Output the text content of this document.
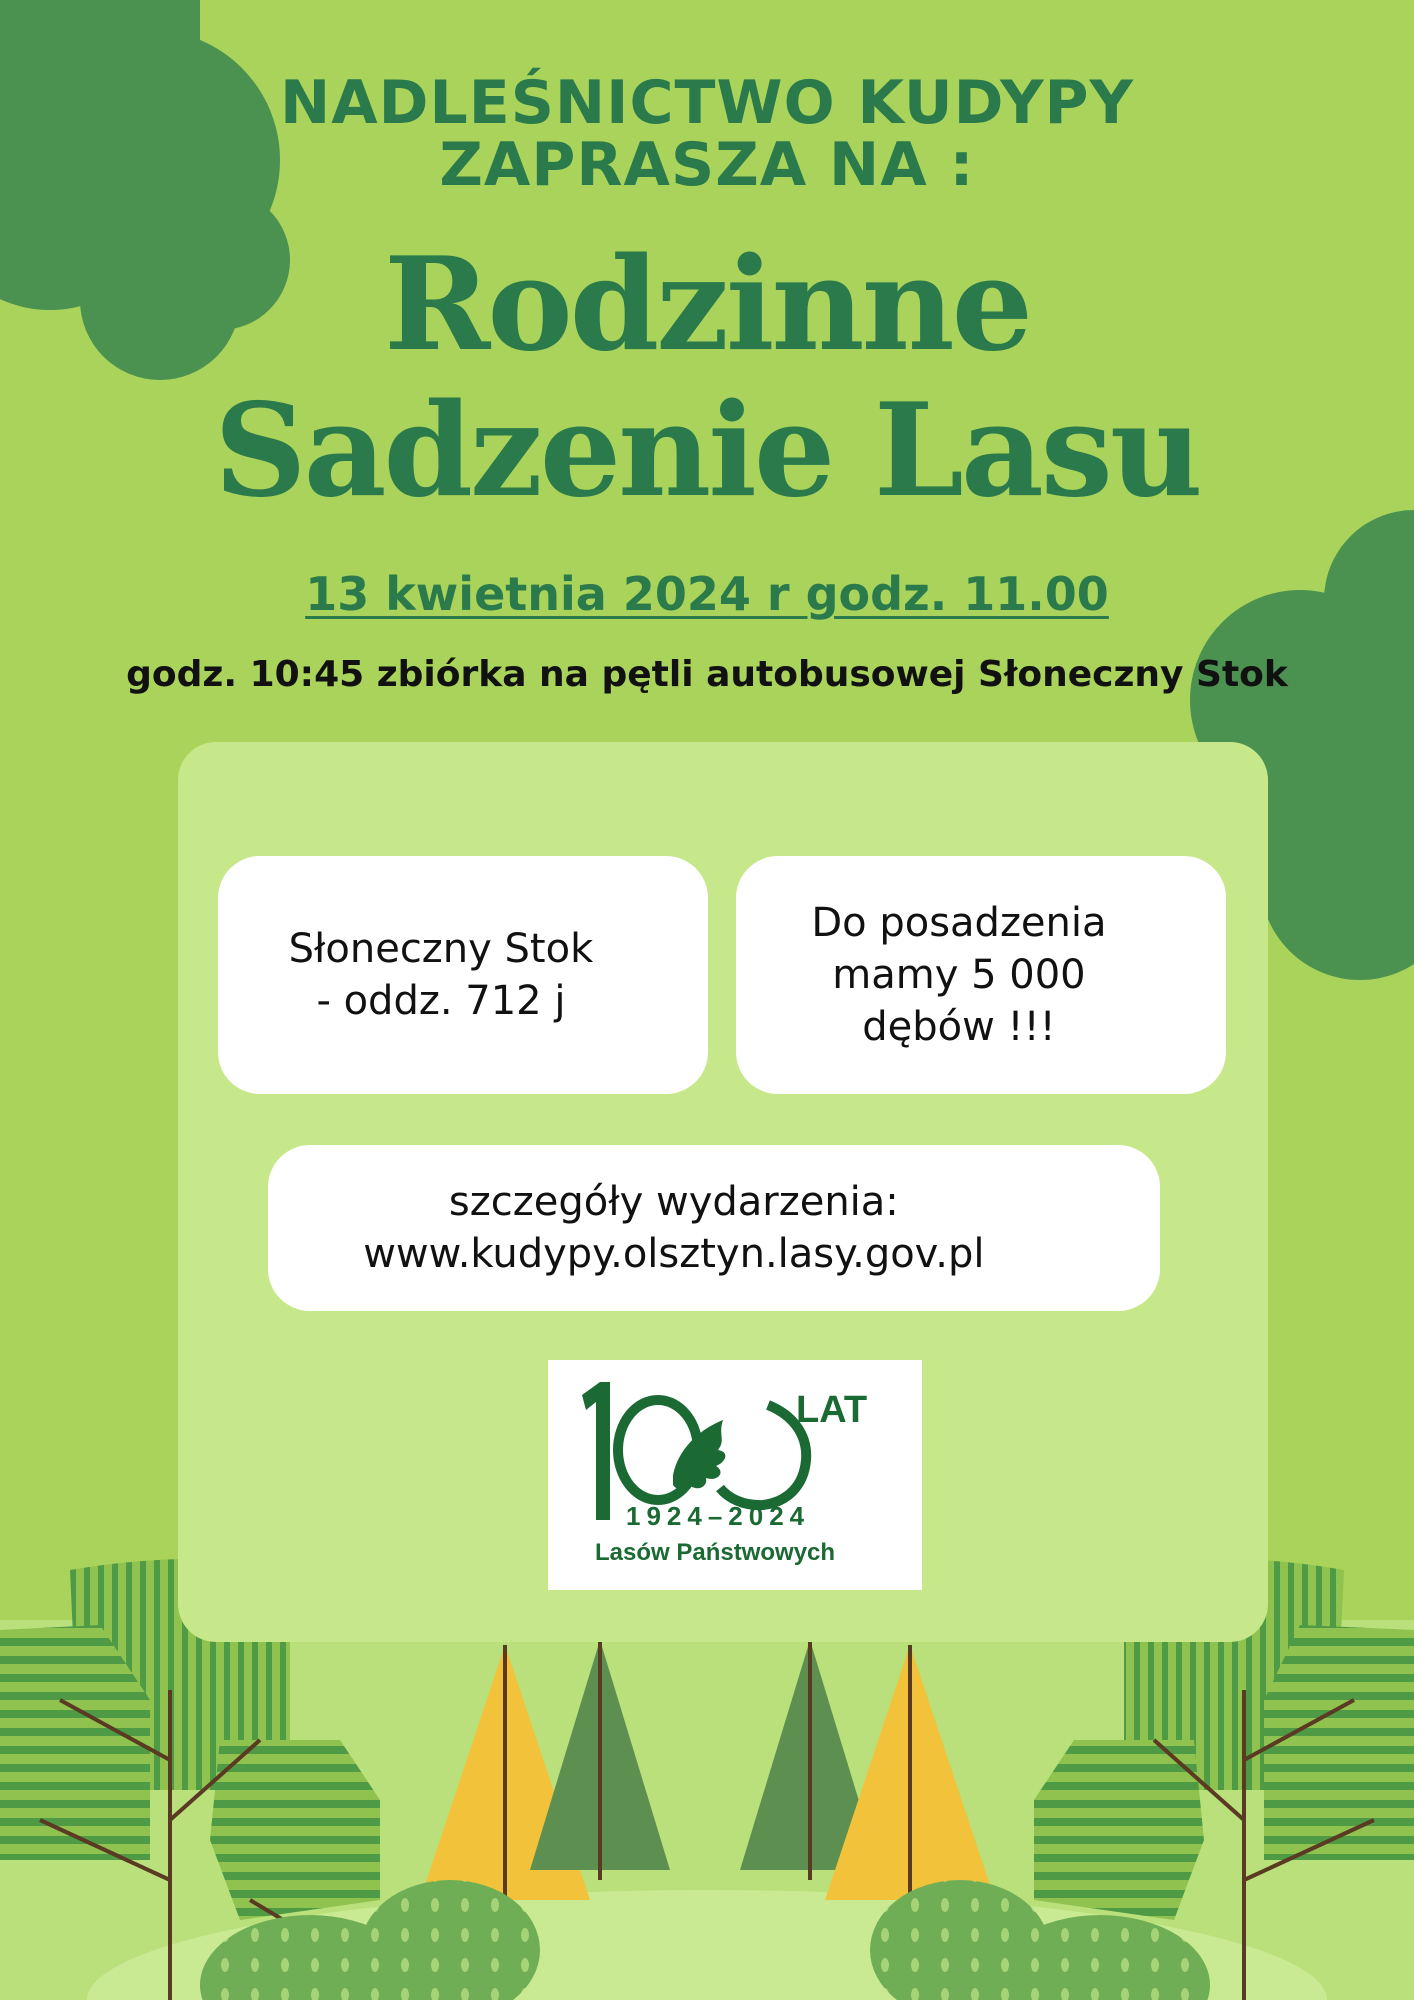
NADLEŚNICTWO KUDYPY
ZAPRASZA NA :
Rodzinne
Sadzenie Lasu
13 kwietnia 2024 r godz. 11.00
godz. 10:45 zbiórka na pętli autobusowej Słoneczny Stok
Słoneczny Stok
- oddz. 712 j
Do posadzenia
mamy 5 000
dębów !!!
szczegóły wydarzenia:
www.kudypy.olsztyn.lasy.gov.pl
LAT
1924–2024
Lasów Państwowych
